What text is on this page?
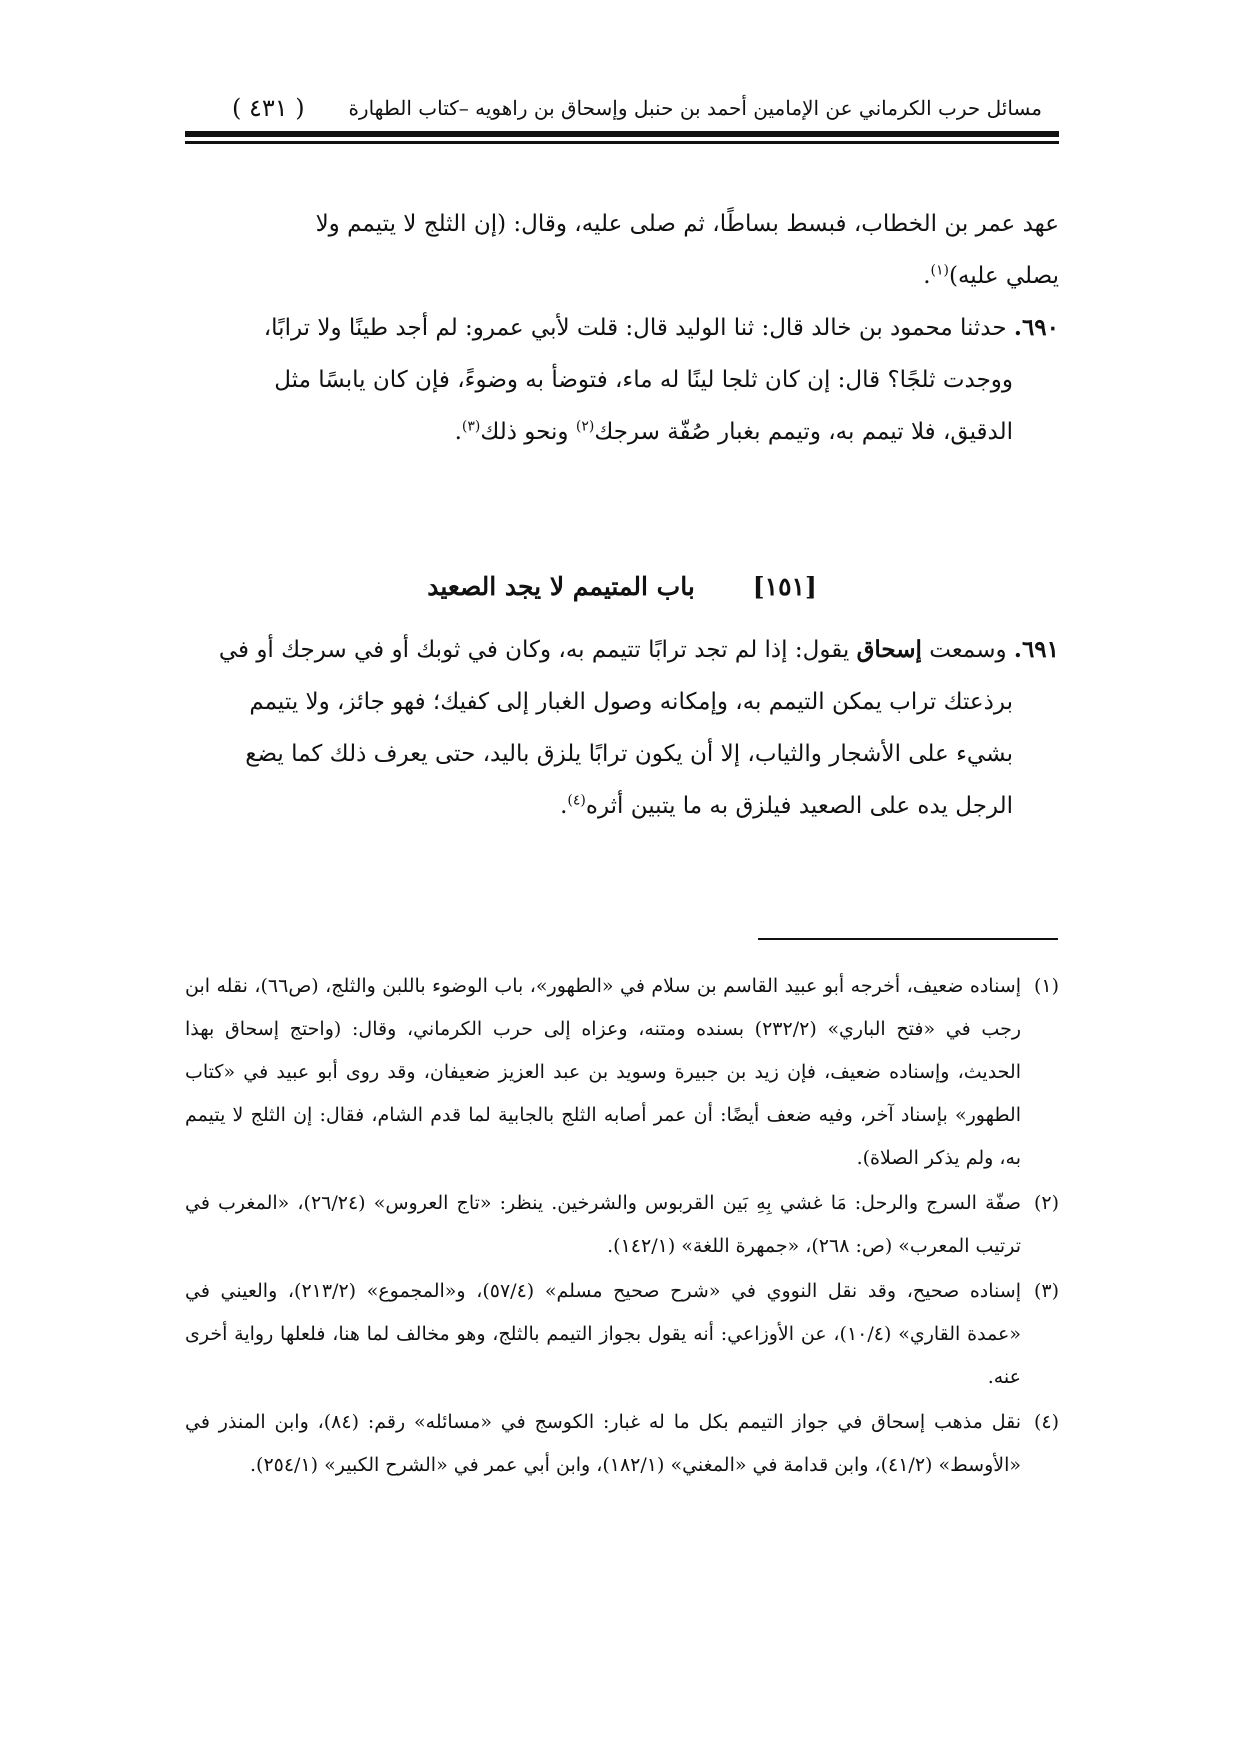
مسائل حرب الكرماني عن الإمامين أحمد بن حنبل وإسحاق بن راهويه –كتاب الطهارة
( ٤٣١ )

عهد عمر بن الخطاب، فبسط بساطًا، ثم صلى عليه، وقال: (إن الثلج لا يتيمم ولا
يصلي عليه)$^{(١)}$.

٦٩٠. حدثنا محمود بن خالد قال: ثنا الوليد قال: قلت لأبي عمرو: لم أجد طينًا ولا ترابًا،
ووجدت ثلجًا؟ قال: إن كان ثلجا لينًا له ماء، فتوضأ به وضوءً، فإن كان يابسًا مثل
الدقيق، فلا تيمم به، وتيمم بغبار صُفّة سرجك$^{(٢)}$ ونحو ذلك$^{(٣)}$.

[١٥١]
باب المتيمم لا يجد الصعيد

٦٩١. وسمعت إسحاق يقول: إذا لم تجد ترابًا تتيمم به، وكان في ثوبك أو في سرجك أو في
برذعتك تراب يمكن التيمم به، وإمكانه وصول الغبار إلى كفيك؛ فهو جائز، ولا يتيمم
بشيء على الأشجار والثياب، إلا أن يكون ترابًا يلزق باليد، حتى يعرف ذلك كما يضع
الرجل يده على الصعيد فيلزق به ما يتبين أثره$^{(٤)}$.

(١)
إسناده ضعيف، أخرجه أبو عبيد القاسم بن سلام في «الطهور»، باب الوضوء باللبن والثلج، (ص٦٦)، نقله ابن رجب في «فتح الباري» (٢٣٢/٢) بسنده ومتنه، وعزاه إلى حرب الكرماني، وقال: (واحتج إسحاق بهذا الحديث، وإسناده ضعيف، فإن زيد بن جبيرة وسويد بن عبد العزيز ضعيفان، وقد روى أبو عبيد في «كتاب الطهور» بإسناد آخر، وفيه ضعف أيضًا: أن عمر أصابه الثلج بالجابية لما قدم الشام، فقال: إن الثلج لا يتيمم به، ولم يذكر الصلاة).

(٢)
صفّة السرج والرحل: مَا غشي بِهِ بَين القربوس والشرخين. ينظر: «تاج العروس» (٢٦/٢٤)، «المغرب في ترتيب المعرب» (ص: ٢٦٨)، «جمهرة اللغة» (١٤٢/١).

(٣)
إسناده صحيح، وقد نقل النووي في «شرح صحيح مسلم» (٥٧/٤)، و«المجموع» (٢١٣/٢)، والعيني في «عمدة القاري» (١٠/٤)، عن الأوزاعي: أنه يقول بجواز التيمم بالثلج، وهو مخالف لما هنا، فلعلها رواية أخرى عنه.

(٤)
نقل مذهب إسحاق في جواز التيمم بكل ما له غبار: الكوسج في «مسائله» رقم: (٨٤)، وابن المنذر في «الأوسط» (٤١/٢)، وابن قدامة في «المغني» (١٨٢/١)، وابن أبي عمر في «الشرح الكبير» (٢٥٤/١).
